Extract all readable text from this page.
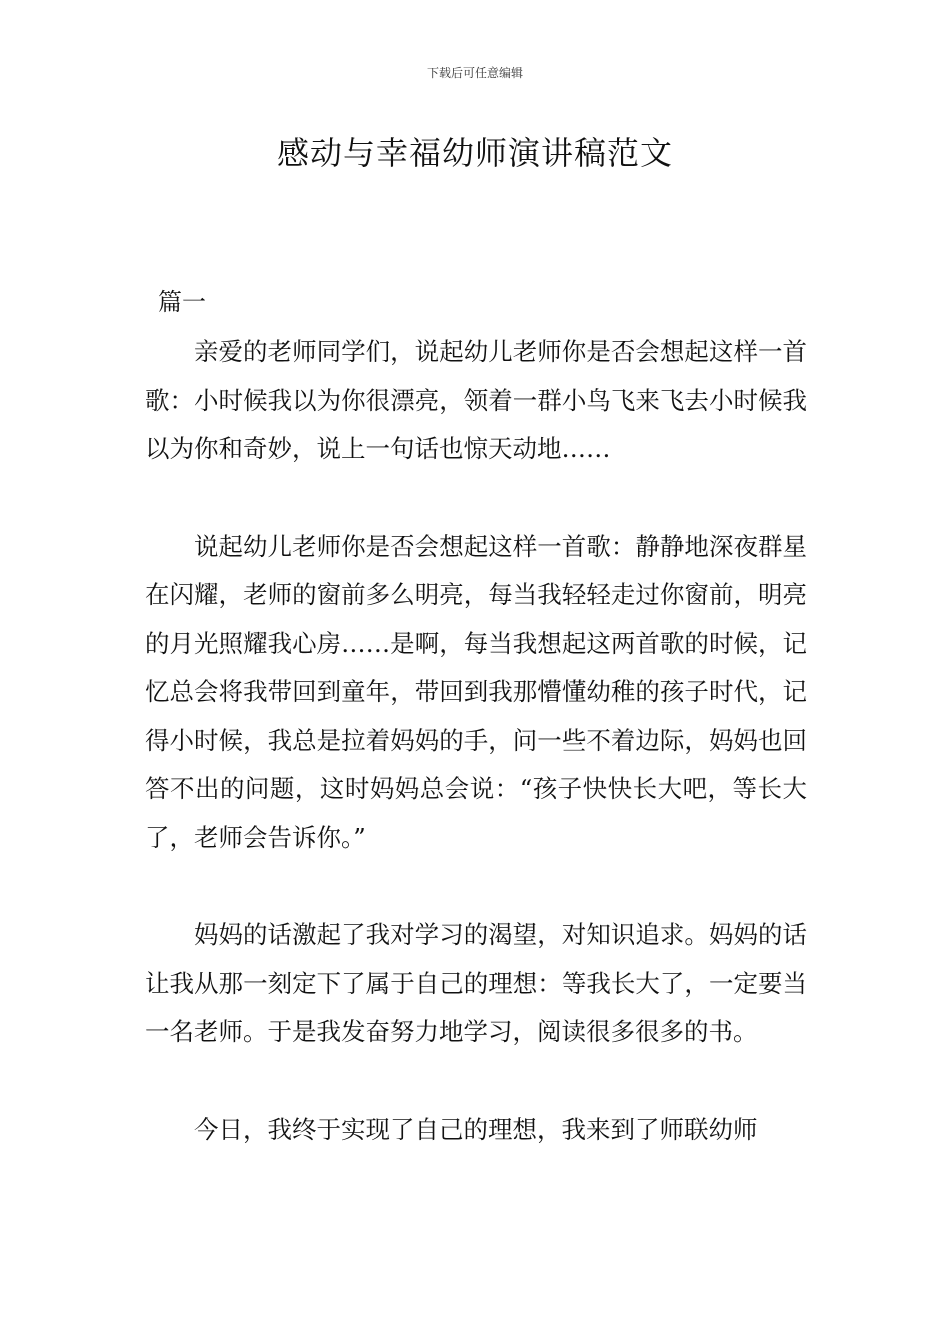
下载后可任意编辑
感动与幸福幼师演讲稿范文
篇一

亲爱的老师同学们，说起幼儿老师你是否会想起这样一首歌：小时候我以为你很漂亮，领着一群小鸟飞来飞去小时候我以为你和奇妙，说上一句话也惊天动地……

说起幼儿老师你是否会想起这样一首歌：静静地深夜群星在闪耀，老师的窗前多么明亮，每当我轻轻走过你窗前，明亮的月光照耀我心房……是啊，每当我想起这两首歌的时候，记忆总会将我带回到童年，带回到我那懵懂幼稚的孩子时代，记得小时候，我总是拉着妈妈的手，问一些不着边际，妈妈也回答不出的问题，这时妈妈总会说：“孩子快快长大吧，等长大了，老师会告诉你。”

妈妈的话激起了我对学习的渴望，对知识追求。妈妈的话让我从那一刻定下了属于自己的理想：等我长大了，一定要当一名老师。于是我发奋努力地学习，阅读很多很多的书。

今日，我终于实现了自己的理想，我来到了师联幼师
